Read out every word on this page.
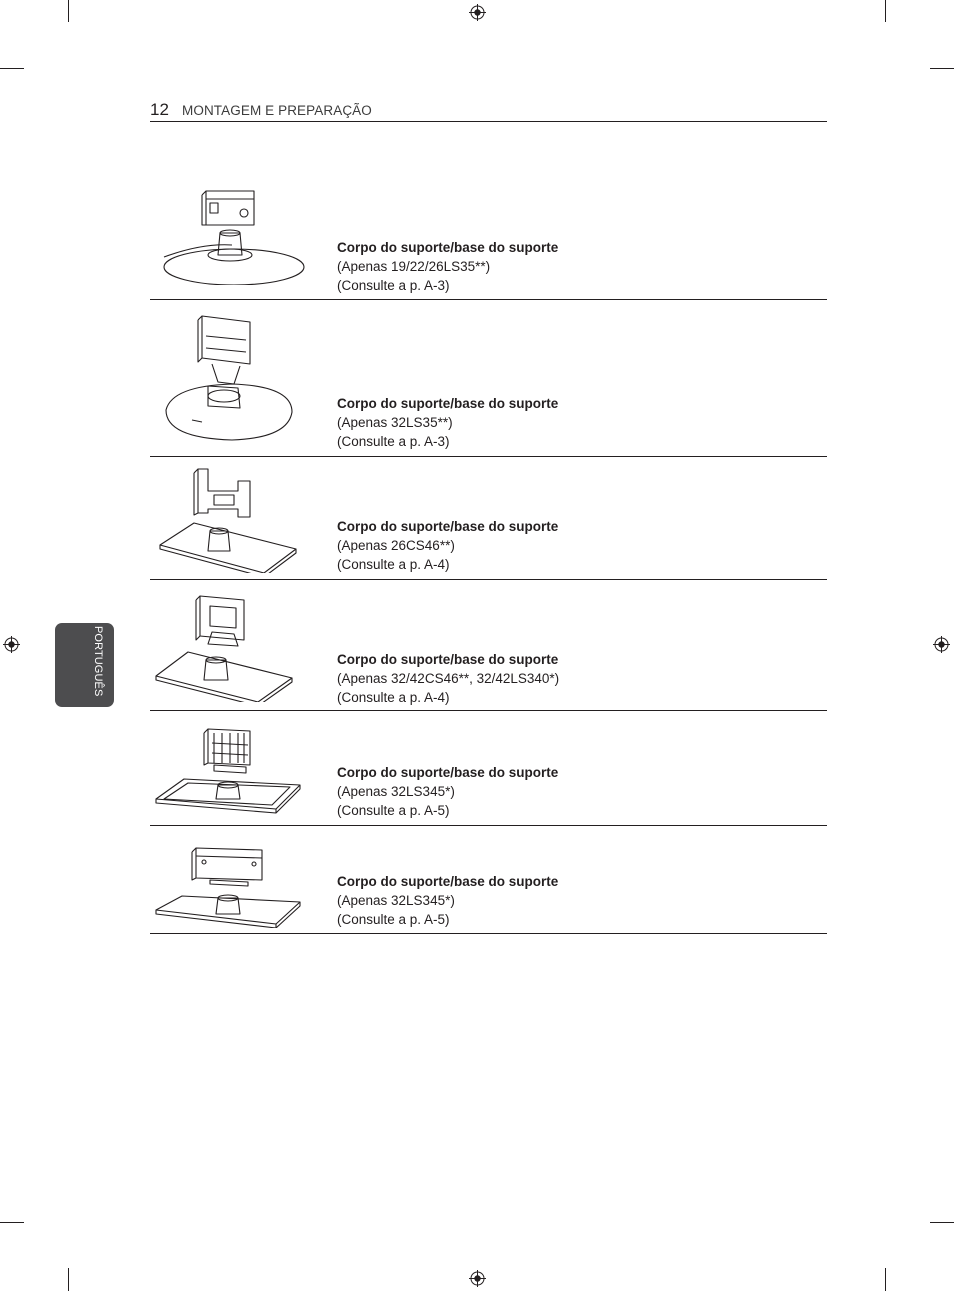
12 MONTAGEM E PREPARAÇÃO
PORTUGUÊS
Corpo do suporte/base do suporte
(Apenas 19/22/26LS35**)
(Consulte a p. A-3)
Corpo do suporte/base do suporte
(Apenas 32LS35**)
(Consulte a p. A-3)
Corpo do suporte/base do suporte
(Apenas 26CS46**)
(Consulte a p. A-4)
Corpo do suporte/base do suporte
(Apenas 32/42CS46**, 32/42LS340*)
(Consulte a p. A-4)
Corpo do suporte/base do suporte
(Apenas 32LS345*)
(Consulte a p. A-5)
Corpo do suporte/base do suporte
(Apenas 32LS345*)
(Consulte a p. A-5)
